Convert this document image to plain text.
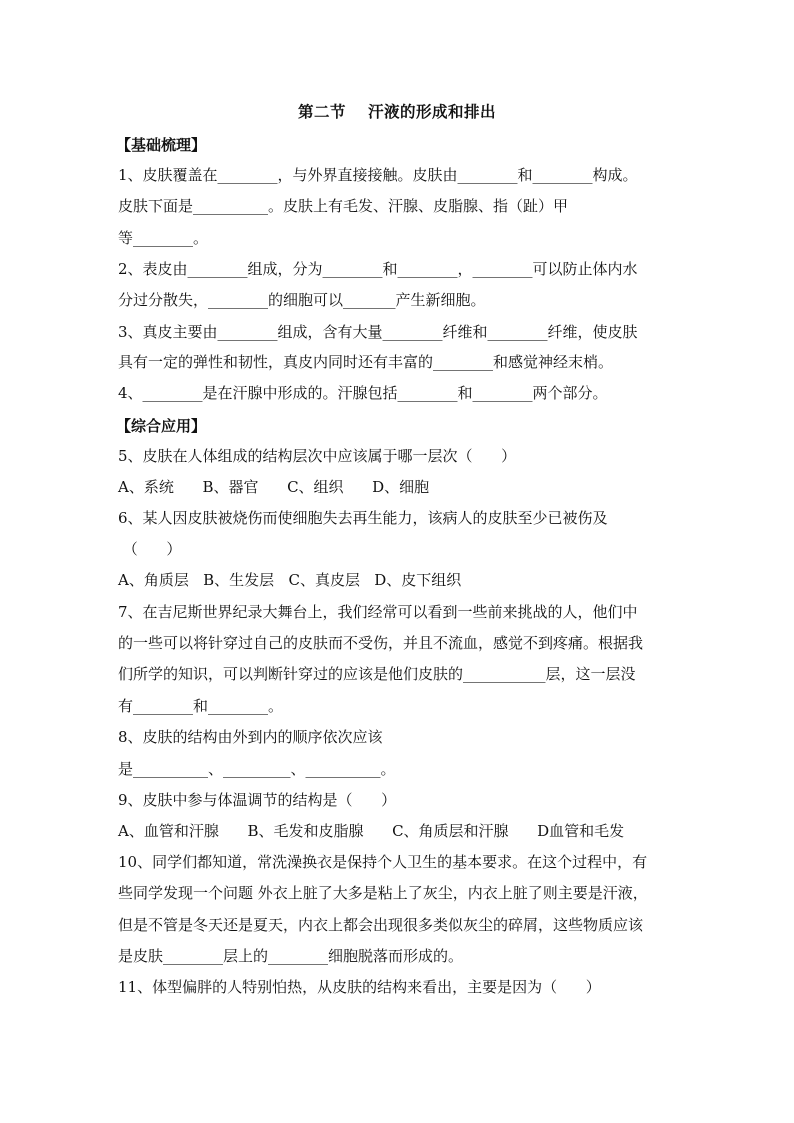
第二节 汗液的形成和排出
【基础梳理】
1、皮肤覆盖在________，与外界直接接触。皮肤由________和________构成。
皮肤下面是__________。皮肤上有毛发、汗腺、皮脂腺、指（趾）甲
等________。
2、表皮由________组成，分为________和________，________可以防止体内水
分过分散失，________的细胞可以_______产生新细胞。
3、真皮主要由________组成，含有大量________纤维和________纤维，使皮肤
具有一定的弹性和韧性，真皮内同时还有丰富的________和感觉神经末梢。
4、________是在汗腺中形成的。汗腺包括________和________两个部分。
【综合应用】
5、皮肤在人体组成的结构层次中应该属于哪一层次（      ）
A、系统      B、器官      C、组织      D、细胞
6、某人因皮肤被烧伤而使细胞失去再生能力，该病人的皮肤至少已被伤及
（      ）
A、角质层   B、生发层   C、真皮层   D、皮下组织
7、在吉尼斯世界纪录大舞台上，我们经常可以看到一些前来挑战的人，他们中
的一些可以将针穿过自己的皮肤而不受伤，并且不流血，感觉不到疼痛。根据我
们所学的知识，可以判断针穿过的应该是他们皮肤的___________层，这一层没
有________和________。
8、皮肤的结构由外到内的顺序依次应该
是__________、_________、__________。
9、皮肤中参与体温调节的结构是（      ）
A、血管和汗腺      B、毛发和皮脂腺      C、角质层和汗腺      D血管和毛发
10、同学们都知道，常洗澡换衣是保持个人卫生的基本要求。在这个过程中，有
些同学发现一个问题 外衣上脏了大多是粘上了灰尘，内衣上脏了则主要是汗液，
但是不管是冬天还是夏天，内衣上都会出现很多类似灰尘的碎屑，这些物质应该
是皮肤________层上的________细胞脱落而形成的。
11、体型偏胖的人特别怕热，从皮肤的结构来看出，主要是因为（      ）
